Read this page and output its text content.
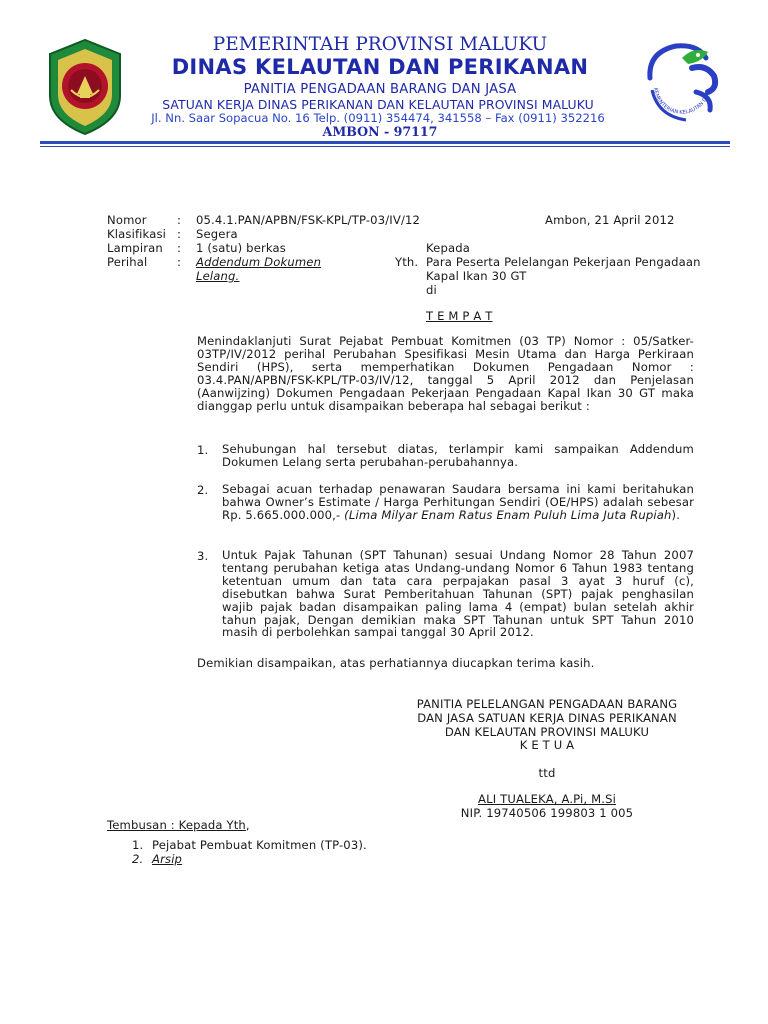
PEMERINTAH PROVINSI MALUKU
DINAS KELAUTAN DAN PERIKANAN
PANITIA PENGADAAN BARANG DAN JASA
SATUAN KERJA DINAS PERIKANAN DAN KELAUTAN PROVINSI MALUKU
Jl. Nn. Saar Sopacua No. 16 Telp. (0911) 354474, 341558 – Fax (0911) 352216
AMBON - 97117
KEMENTERIAN KELAUTAN DA
Nomor	: 05.4.1.PAN/APBN/FSK-KPL/TP-03/IV/12	Ambon, 21 April 2012
Klasifikasi : Segera
Lampiran : 1 (satu) berkas	Kepada
Perihal	: Addendum Dokumen
Lelang.
Yth. Para Peserta Pelelangan Pekerjaan Pengadaan
Kapal Ikan 30 GT
di
T E M P A T
Menindaklanjuti Surat Pejabat Pembuat Komitmen (03 TP) Nomor : 05/Satker-03TP/IV/2012 perihal Perubahan Spesifikasi Mesin Utama dan Harga Perkiraan Sendiri (HPS), serta memperhatikan Dokumen Pengadaan Nomor : 03.4.PAN/APBN/FSK-KPL/TP-03/IV/12, tanggal 5 April 2012 dan Penjelasan (Aanwijzing) Dokumen Pengadaan Pekerjaan Pengadaan Kapal Ikan 30 GT maka dianggap perlu untuk disampaikan beberapa hal sebagai berikut :
1. Sehubungan hal tersebut diatas, terlampir kami sampaikan Addendum Dokumen Lelang serta perubahan-perubahannya.
2. Sebagai acuan terhadap penawaran Saudara bersama ini kami beritahukan bahwa Owner’s Estimate / Harga Perhitungan Sendiri (OE/HPS) adalah sebesar Rp. 5.665.000.000,- (Lima Milyar Enam Ratus Enam Puluh Lima Juta Rupiah).
3. Untuk Pajak Tahunan (SPT Tahunan) sesuai Undang Nomor 28 Tahun 2007 tentang perubahan ketiga atas Undang-undang Nomor 6 Tahun 1983 tentang ketentuan umum dan tata cara perpajakan pasal 3 ayat 3 huruf (c), disebutkan bahwa Surat Pemberitahuan Tahunan (SPT) pajak penghasilan wajib pajak badan disampaikan paling lama 4 (empat) bulan setelah akhir tahun pajak, Dengan demikian maka SPT Tahunan untuk SPT Tahun 2010 masih di perbolehkan sampai tanggal 30 April 2012.
Demikian disampaikan, atas perhatiannya diucapkan terima kasih.
PANITIA PELELANGAN PENGADAAN BARANG
DAN JASA SATUAN KERJA DINAS PERIKANAN
DAN KELAUTAN PROVINSI MALUKU
K E T U A
ttd
ALI TUALEKA, A.Pi, M.Si
NIP. 19740506 199803 1 005
Tembusan : Kepada Yth,
1. Pejabat Pembuat Komitmen (TP-03).
2. Arsip
